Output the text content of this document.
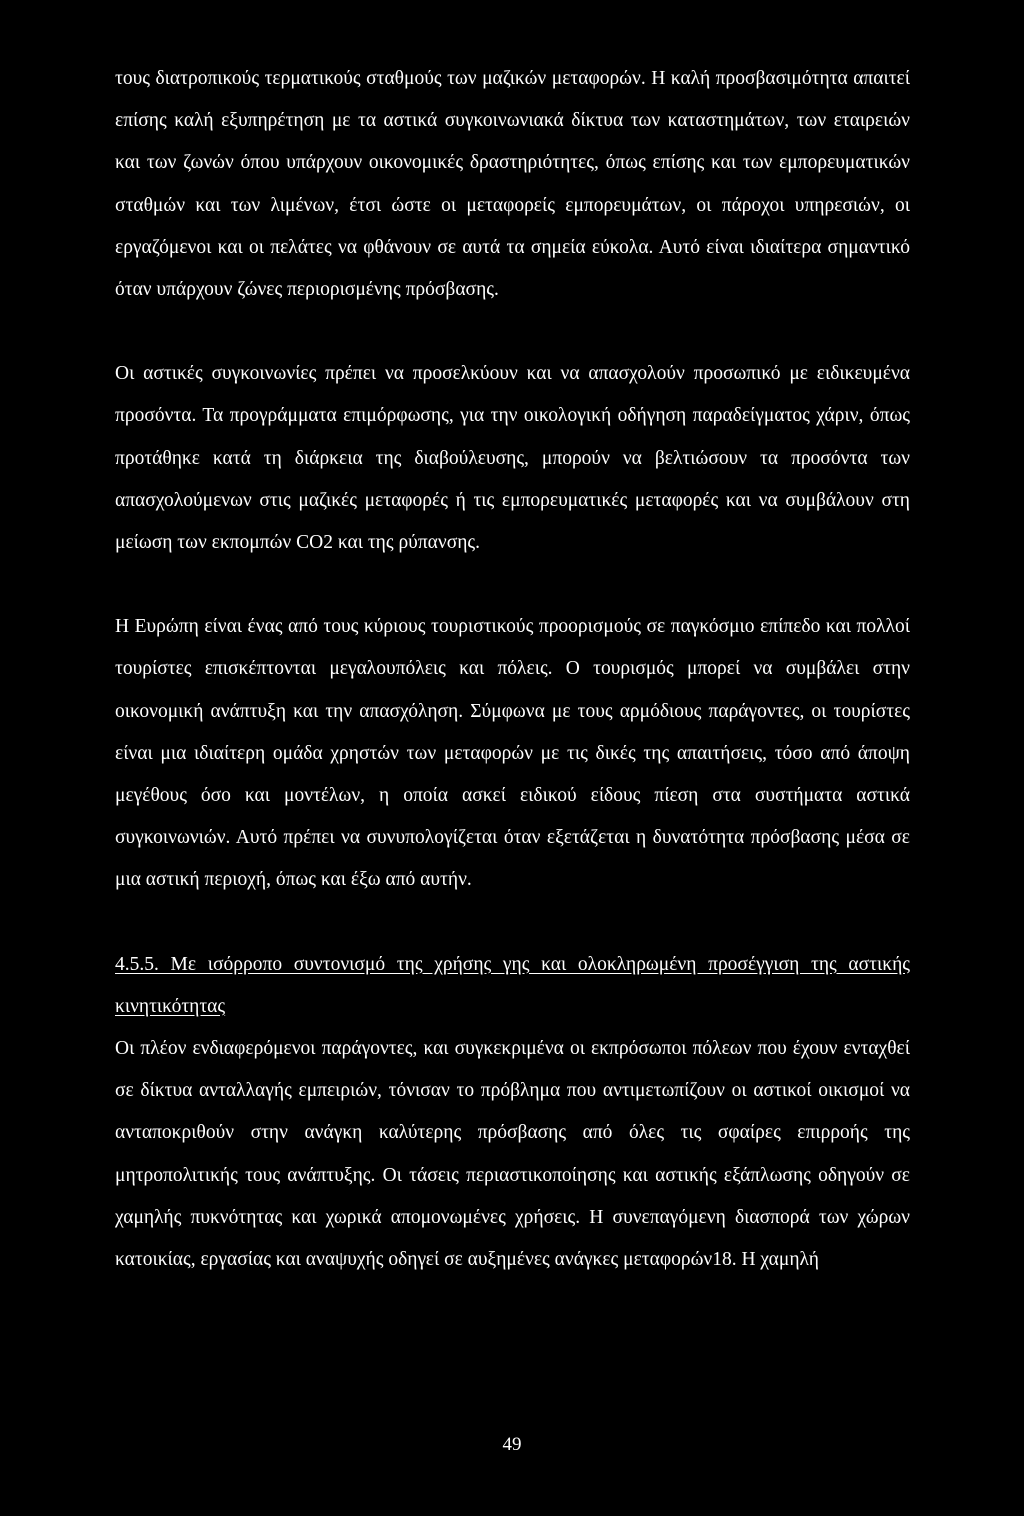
τους διατροπικούς τερματικούς σταθμούς των μαζικών μεταφορών. Η καλή προσβασιμότητα απαιτεί επίσης καλή εξυπηρέτηση με τα αστικά συγκοινωνιακά δίκτυα των καταστημάτων, των εταιρειών και των ζωνών όπου υπάρχουν οικονομικές δραστηριότητες, όπως επίσης και των εμπορευματικών σταθμών και των λιμένων, έτσι ώστε οι μεταφορείς εμπορευμάτων, οι πάροχοι υπηρεσιών, οι εργαζόμενοι και οι πελάτες να φθάνουν σε αυτά τα σημεία εύκολα. Αυτό είναι ιδιαίτερα σημαντικό όταν υπάρχουν ζώνες περιορισμένης πρόσβασης.

Οι αστικές συγκοινωνίες πρέπει να προσελκύουν και να απασχολούν προσωπικό με ειδικευμένα προσόντα. Τα προγράμματα επιμόρφωσης, για την οικολογική οδήγηση παραδείγματος χάριν, όπως προτάθηκε κατά τη διάρκεια της διαβούλευσης, μπορούν να βελτιώσουν τα προσόντα των απασχολούμενων στις μαζικές μεταφορές ή τις εμπορευματικές μεταφορές και να συμβάλουν στη μείωση των εκπομπών CO2 και της ρύπανσης.

Η Ευρώπη είναι ένας από τους κύριους τουριστικούς προορισμούς σε παγκόσμιο επίπεδο και πολλοί τουρίστες επισκέπτονται μεγαλουπόλεις και πόλεις. Ο τουρισμός μπορεί να συμβάλει στην οικονομική ανάπτυξη και την απασχόληση. Σύμφωνα με τους αρμόδιους παράγοντες, οι τουρίστες είναι μια ιδιαίτερη ομάδα χρηστών των μεταφορών με τις δικές της απαιτήσεις, τόσο από άποψη μεγέθους όσο και μοντέλων, η οποία ασκεί ειδικού είδους πίεση στα συστήματα αστικά συγκοινωνιών. Αυτό πρέπει να συνυπολογίζεται όταν εξετάζεται η δυνατότητα πρόσβασης μέσα σε μια αστική περιοχή, όπως και έξω από αυτήν.

4.5.5. Με ισόρροπο συντονισμό της χρήσης γης και ολοκληρωμένη προσέγγιση της αστικής κινητικότητας

Οι πλέον ενδιαφερόμενοι παράγοντες, και συγκεκριμένα οι εκπρόσωποι πόλεων που έχουν ενταχθεί σε δίκτυα ανταλλαγής εμπειριών, τόνισαν το πρόβλημα που αντιμετωπίζουν οι αστικοί οικισμοί να ανταποκριθούν στην ανάγκη καλύτερης πρόσβασης από όλες τις σφαίρες επιρροής της μητροπολιτικής τους ανάπτυξης. Οι τάσεις περιαστικοποίησης και αστικής εξάπλωσης οδηγούν σε χαμηλής πυκνότητας και χωρικά απομονωμένες χρήσεις. Η συνεπαγόμενη διασπορά των χώρων κατοικίας, εργασίας και αναψυχής οδηγεί σε αυξημένες ανάγκες μεταφορών18. Η χαμηλή

49
